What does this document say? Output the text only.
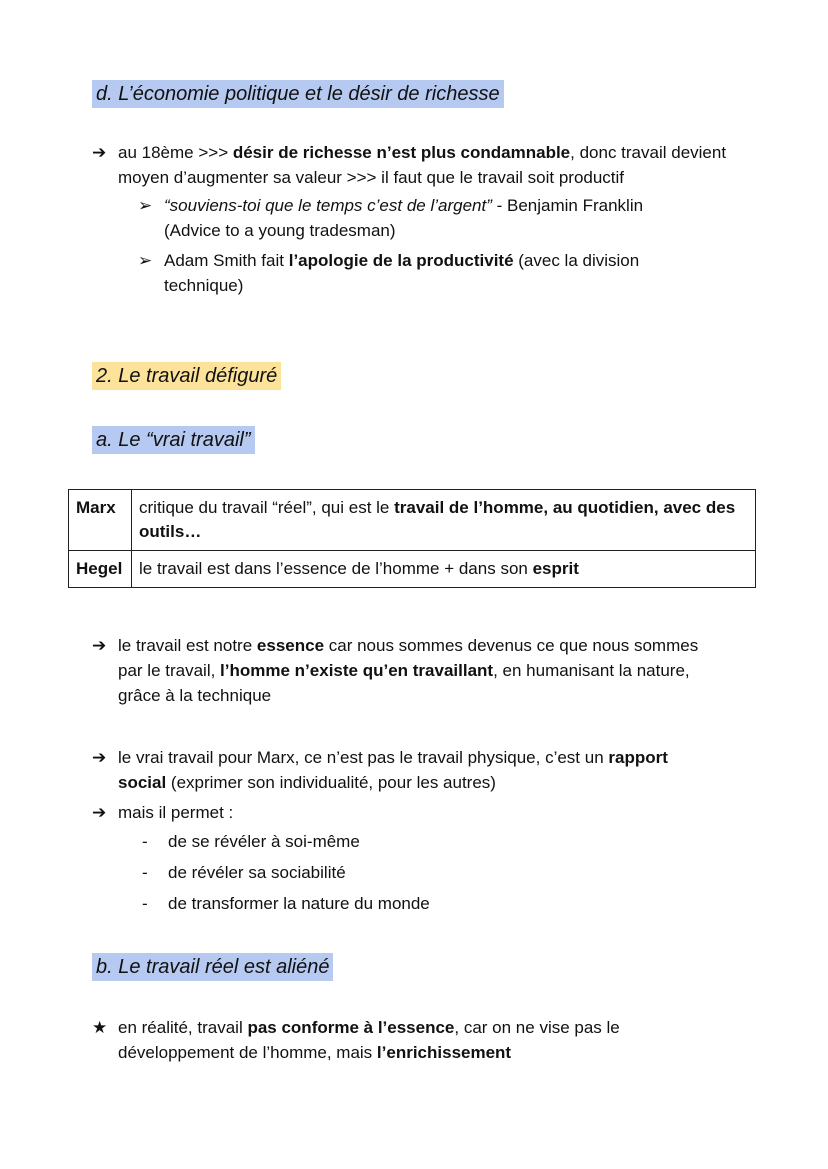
d. L’économie politique et le désir de richesse
➔ au 18ème >>> désir de richesse n’est plus condamnable, donc travail devient
moyen d’augmenter sa valeur >>> il faut que le travail soit productif
➢ “souviens-toi que le temps c’est de l’argent” - Benjamin Franklin
(Advice to a young tradesman)
➢ Adam Smith fait l’apologie de la productivité (avec la division
technique)
2. Le travail défiguré
a. Le “vrai travail”
Marx	critique du travail “réel”, qui est le travail de l’homme, au quotidien, avec des outils…
Hegel	le travail est dans l’essence de l’homme + dans son esprit
➔ le travail est notre essence car nous sommes devenus ce que nous sommes
par le travail, l’homme n’existe qu’en travaillant, en humanisant la nature,
grâce à la technique
➔ le vrai travail pour Marx, ce n’est pas le travail physique, c’est un rapport
social (exprimer son individualité, pour les autres)
➔ mais il permet :
- de se révéler à soi-même
- de révéler sa sociabilité
- de transformer la nature du monde
b. Le travail réel est aliéné
★ en réalité, travail pas conforme à l’essence, car on ne vise pas le
développement de l’homme, mais l’enrichissement
